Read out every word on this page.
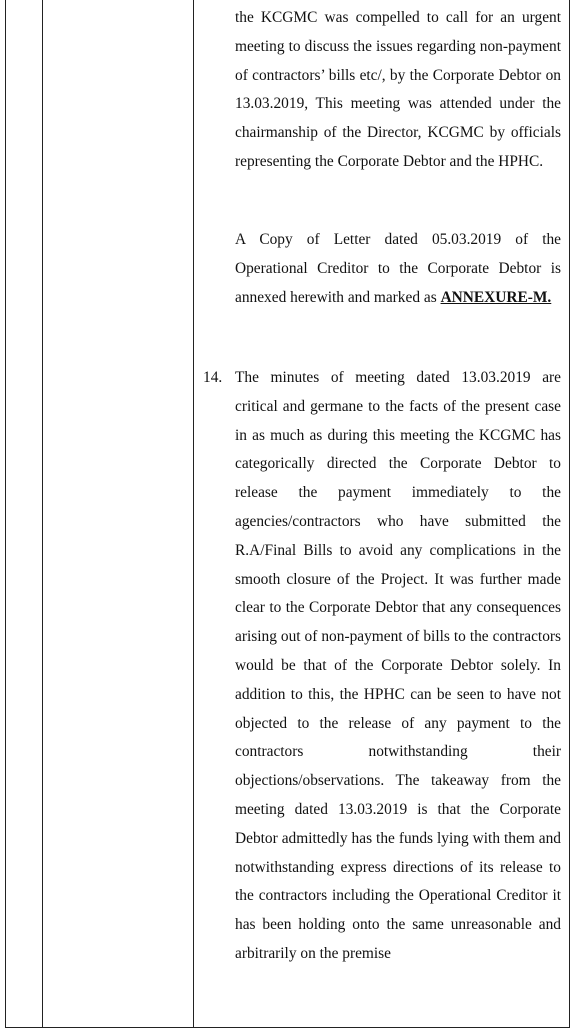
the KCGMC was compelled to call for an urgent meeting to discuss the issues regarding non-payment of contractors’ bills etc/, by the Corporate Debtor on 13.03.2019, This meeting was attended under the chairmanship of the Director, KCGMC by officials representing the Corporate Debtor and the HPHC.

A Copy of Letter dated 05.03.2019 of the Operational Creditor to the Corporate Debtor is annexed herewith and marked as ANNEXURE-M.

14. The minutes of meeting dated 13.03.2019 are critical and germane to the facts of the present case in as much as during this meeting the KCGMC has categorically directed the Corporate Debtor to release the payment immediately to the agencies/contractors who have submitted the R.A/Final Bills to avoid any complications in the smooth closure of the Project. It was further made clear to the Corporate Debtor that any consequences arising out of non-payment of bills to the contractors would be that of the Corporate Debtor solely. In addition to this, the HPHC can be seen to have not objected to the release of any payment to the contractors notwithstanding their objections/observations. The takeaway from the meeting dated 13.03.2019 is that the Corporate Debtor admittedly has the funds lying with them and notwithstanding express directions of its release to the contractors including the Operational Creditor it has been holding onto the same unreasonable and arbitrarily on the premise
